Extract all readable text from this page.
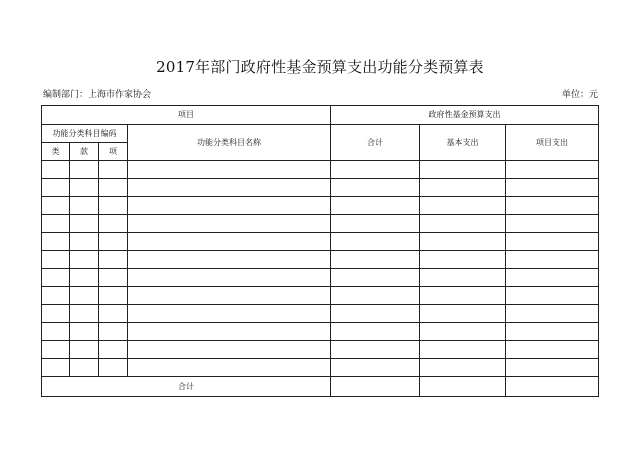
2017年部门政府性基金预算支出功能分类预算表
编制部门：上海市作家协会	单位：元
项目				政府性基金预算支出		
功能分类科目编码			功能分类科目名称	合计	基本支出	项目支出
类	款	项				

合计						
